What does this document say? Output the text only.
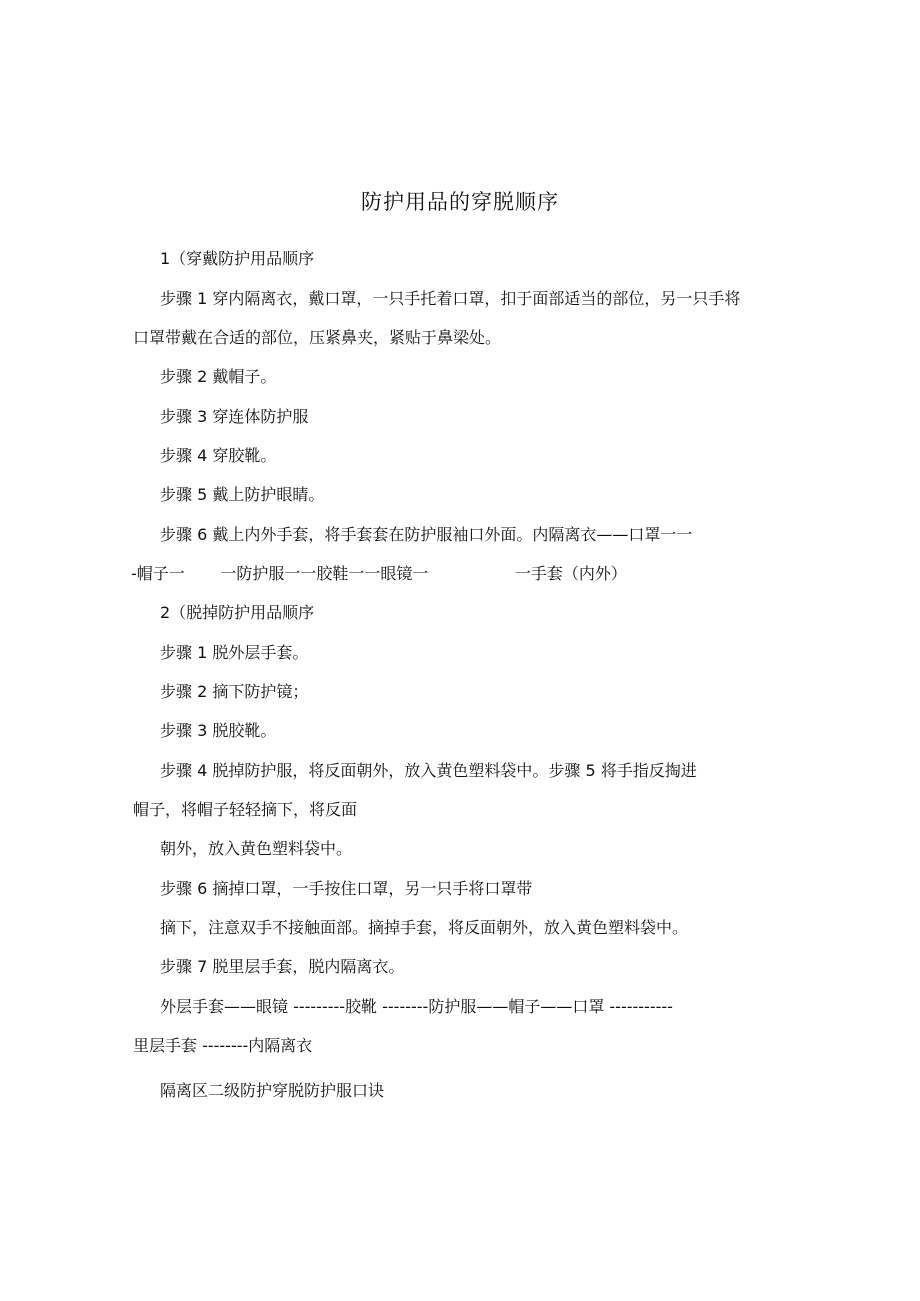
防护用品的穿脱顺序

1（穿戴防护用品顺序

步骤 1 穿内隔离衣，戴口罩，一只手托着口罩，扣于面部适当的部位，另一只手将

口罩带戴在合适的部位，压紧鼻夹，紧贴于鼻梁处。

步骤 2 戴帽子。

步骤 3 穿连体防护服

步骤 4 穿胶靴。

步骤 5 戴上防护眼睛。

步骤 6 戴上内外手套，将手套套在防护服袖口外面。内隔离衣——口罩一一

-帽子一       一防护服一一胶鞋一一眼镜一                 一手套（内外）

2（脱掉防护用品顺序

步骤 1 脱外层手套。

步骤 2 摘下防护镜；

步骤 3 脱胶靴。

步骤 4 脱掉防护服，将反面朝外，放入黄色塑料袋中。步骤 5 将手指反掏进

帽子，将帽子轻轻摘下，将反面

朝外，放入黄色塑料袋中。

步骤 6 摘掉口罩，一手按住口罩，另一只手将口罩带

摘下，注意双手不接触面部。摘掉手套，将反面朝外，放入黄色塑料袋中。

步骤 7 脱里层手套，脱内隔离衣。

外层手套——眼镜 ---------胶靴 --------防护服——帽子——口罩 -----------

里层手套 --------内隔离衣

隔离区二级防护穿脱防护服口诀
